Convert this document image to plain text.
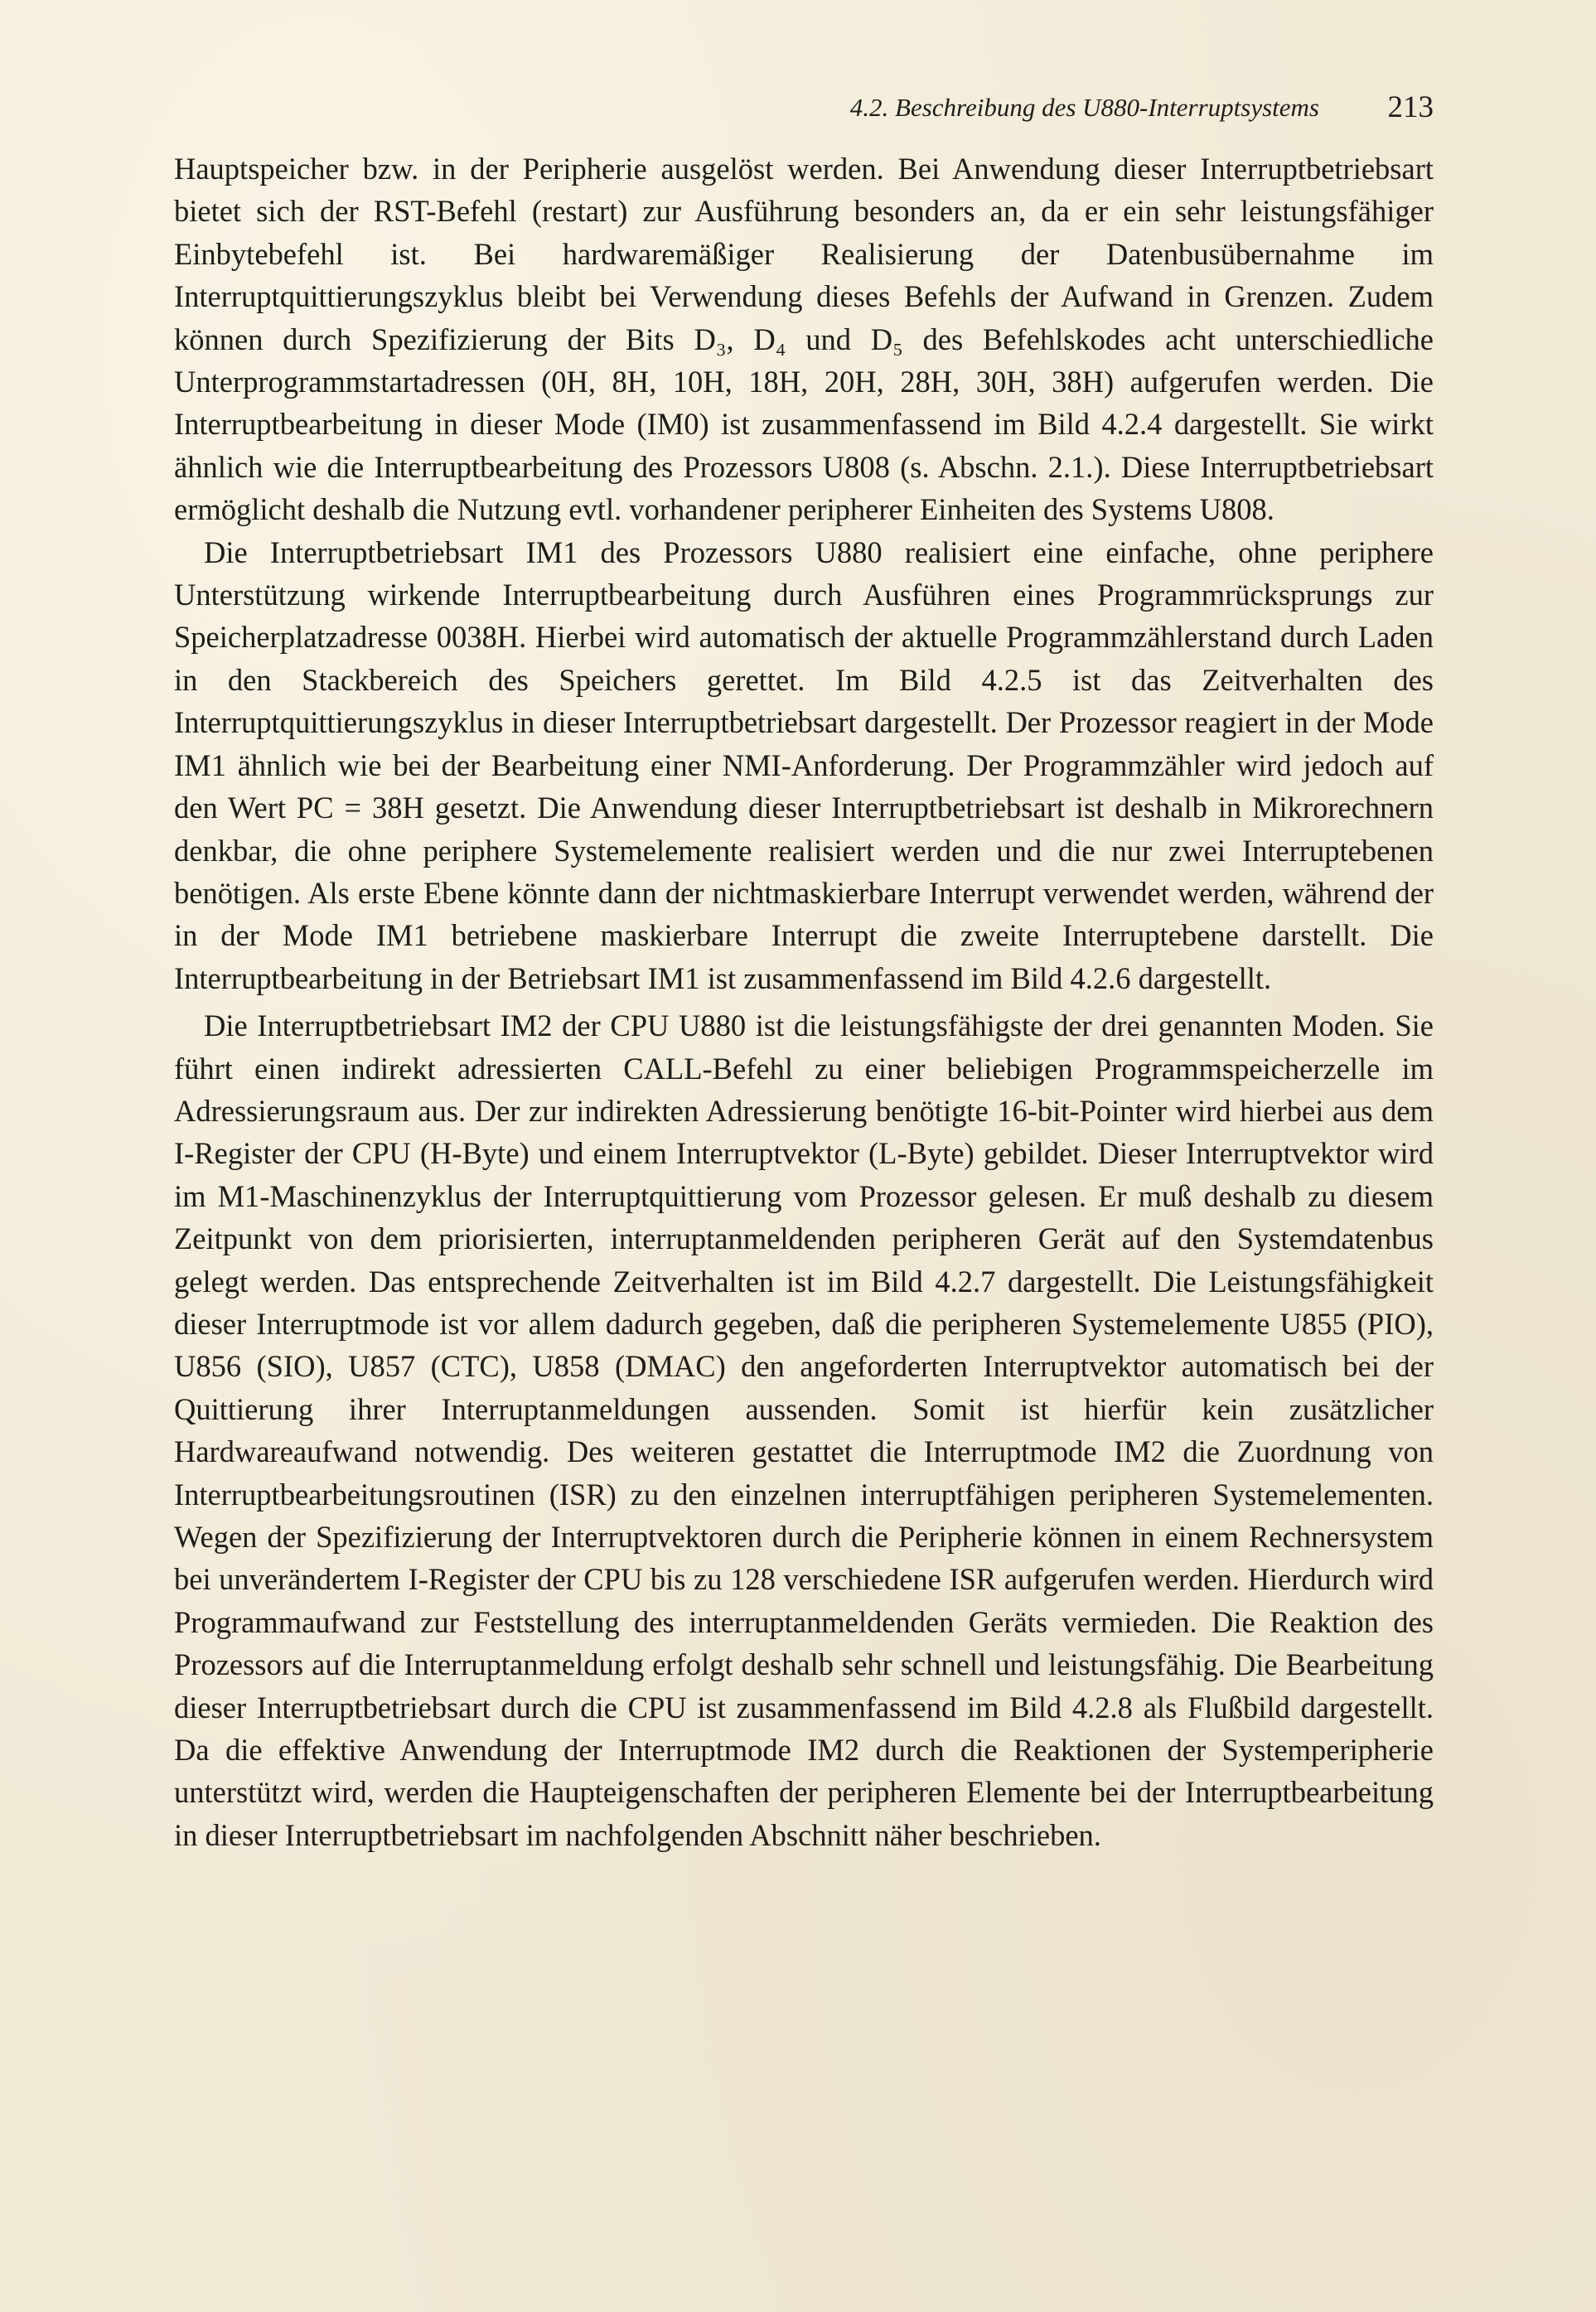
4.2. Beschreibung des U880-Interruptsystems 213

Hauptspeicher bzw. in der Peripherie ausgelöst werden. Bei Anwendung dieser Interruptbetriebsart bietet sich der RST-Befehl (restart) zur Ausführung besonders an, da er ein sehr leistungsfähiger Einbytebefehl ist. Bei hardwaremäßiger Realisierung der Datenbusübernahme im Interruptquittierungszyklus bleibt bei Verwendung dieses Befehls der Aufwand in Grenzen. Zudem können durch Spezifizierung der Bits D₃, D₄ und D₅ des Befehlskodes acht unterschiedliche Unterprogrammstartadressen (0H, 8H, 10H, 18H, 20H, 28H, 30H, 38H) aufgerufen werden. Die Interruptbearbeitung in dieser Mode (IM0) ist zusammenfassend im Bild 4.2.4 dargestellt. Sie wirkt ähnlich wie die Interruptbearbeitung des Prozessors U808 (s. Abschn. 2.1.). Diese Interruptbetriebsart ermöglicht deshalb die Nutzung evtl. vorhandener peripherer Einheiten des Systems U808.

Die Interruptbetriebsart IM1 des Prozessors U880 realisiert eine einfache, ohne periphere Unterstützung wirkende Interruptbearbeitung durch Ausführen eines Programmrücksprungs zur Speicherplatzadresse 0038H. Hierbei wird automatisch der aktuelle Programmzählerstand durch Laden in den Stackbereich des Speichers gerettet. Im Bild 4.2.5 ist das Zeitverhalten des Interruptquittierungszyklus in dieser Interruptbetriebsart dargestellt. Der Prozessor reagiert in der Mode IM1 ähnlich wie bei der Bearbeitung einer NMI-Anforderung. Der Programmzähler wird jedoch auf den Wert PC = 38H gesetzt. Die Anwendung dieser Interruptbetriebsart ist deshalb in Mikrorechnern denkbar, die ohne periphere Systemelemente realisiert werden und die nur zwei Interruptebenen benötigen. Als erste Ebene könnte dann der nichtmaskierbare Interrupt verwendet werden, während der in der Mode IM1 betriebene maskierbare Interrupt die zweite Interruptebene darstellt. Die Interruptbearbeitung in der Betriebsart IM1 ist zusammenfassend im Bild 4.2.6 dargestellt.

Die Interruptbetriebsart IM2 der CPU U880 ist die leistungsfähigste der drei genannten Moden. Sie führt einen indirekt adressierten CALL-Befehl zu einer beliebigen Programmspeicherzelle im Adressierungsraum aus. Der zur indirekten Adressierung benötigte 16-bit-Pointer wird hierbei aus dem I-Register der CPU (H-Byte) und einem Interruptvektor (L-Byte) gebildet. Dieser Interruptvektor wird im M1-Maschinenzyklus der Interruptquittierung vom Prozessor gelesen. Er muß deshalb zu diesem Zeitpunkt von dem priorisierten, interruptanmeldenden peripheren Gerät auf den Systemdatenbus gelegt werden. Das entsprechende Zeitverhalten ist im Bild 4.2.7 dargestellt. Die Leistungsfähigkeit dieser Interruptmode ist vor allem dadurch gegeben, daß die peripheren Systemelemente U855 (PIO), U856 (SIO), U857 (CTC), U858 (DMAC) den angeforderten Interruptvektor automatisch bei der Quittierung ihrer Interruptanmeldungen aussenden. Somit ist hierfür kein zusätzlicher Hardwareaufwand notwendig. Des weiteren gestattet die Interruptmode IM2 die Zuordnung von Interruptbearbeitungsroutinen (ISR) zu den einzelnen interruptfähigen peripheren Systemelementen. Wegen der Spezifizierung der Interruptvektoren durch die Peripherie können in einem Rechnersystem bei unverändertem I-Register der CPU bis zu 128 verschiedene ISR aufgerufen werden. Hierdurch wird Programmaufwand zur Feststellung des interruptanmeldenden Geräts vermieden. Die Reaktion des Prozessors auf die Interruptanmeldung erfolgt deshalb sehr schnell und leistungsfähig. Die Bearbeitung dieser Interruptbetriebsart durch die CPU ist zusammenfassend im Bild 4.2.8 als Flußbild dargestellt. Da die effektive Anwendung der Interruptmode IM2 durch die Reaktionen der Systemperipherie unterstützt wird, werden die Haupteigenschaften der peripheren Elemente bei der Interruptbearbeitung in dieser Interruptbetriebsart im nachfolgenden Abschnitt näher beschrieben.
